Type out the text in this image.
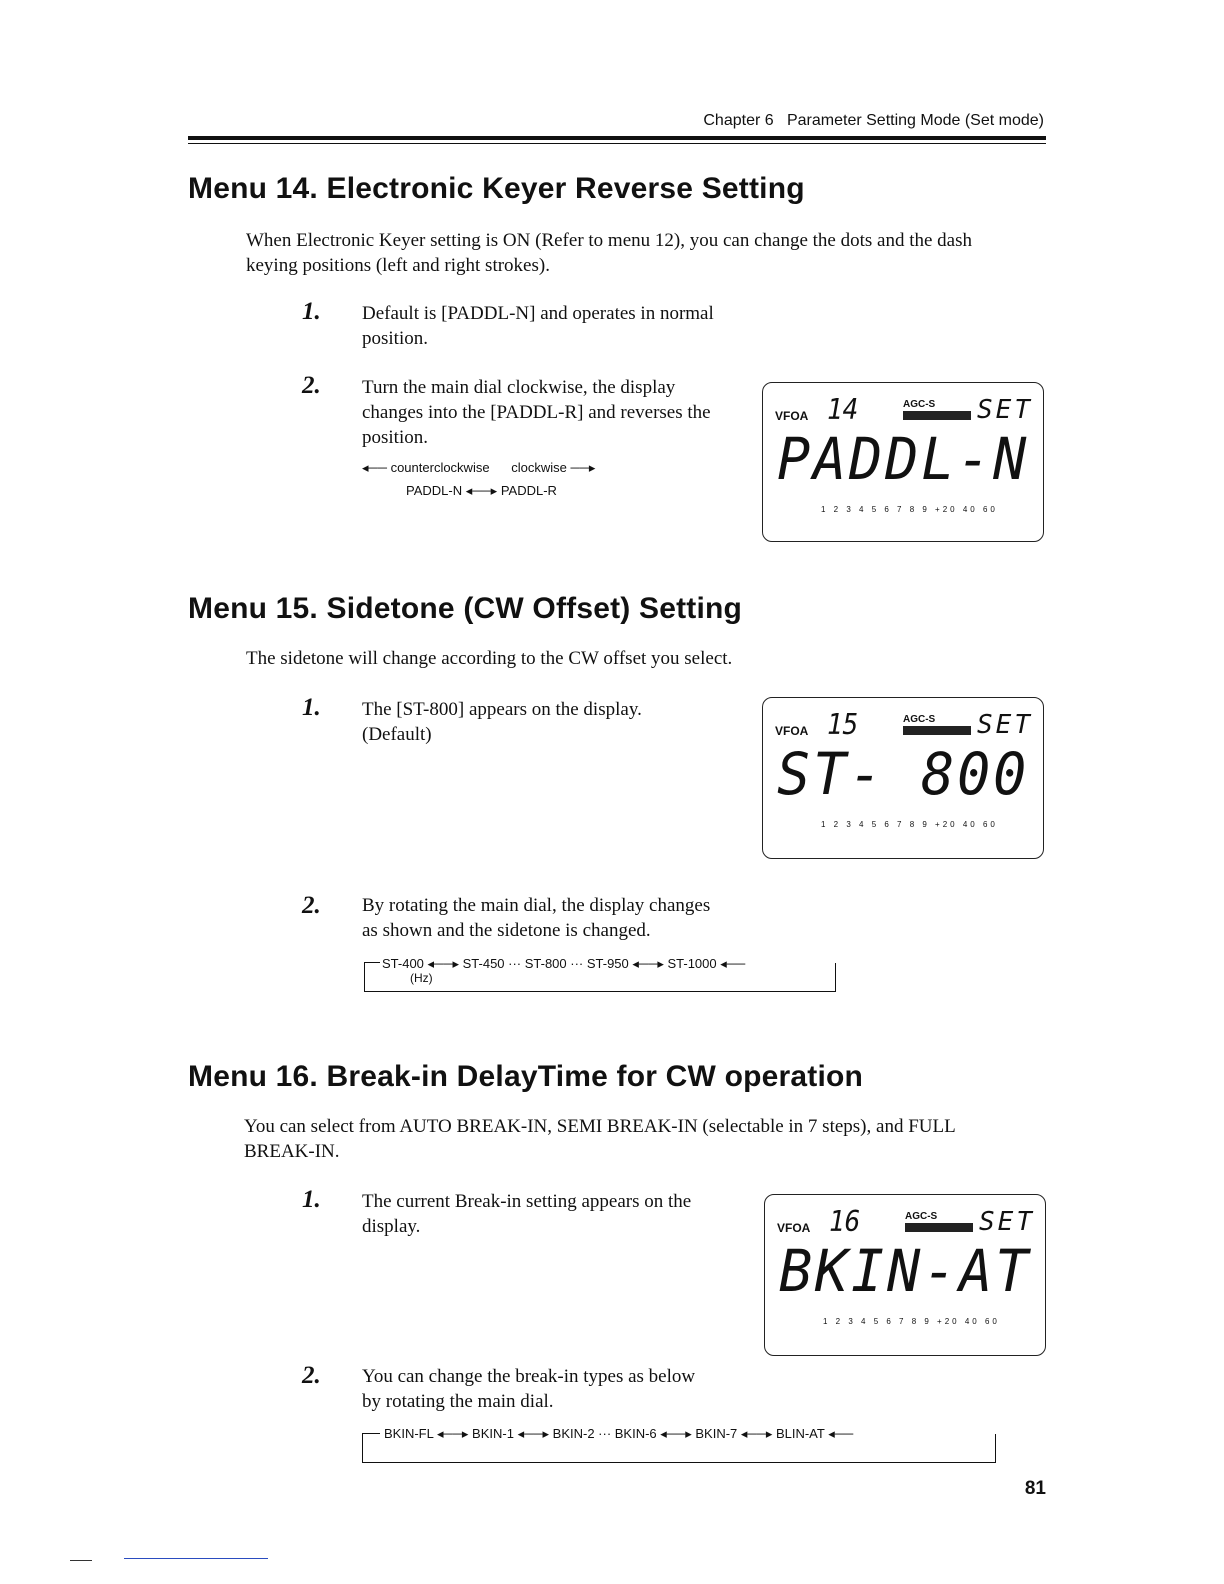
Chapter 6 Parameter Setting Mode (Set mode)
Menu 14. Electronic Keyer Reverse Setting
When Electronic Keyer setting is ON (Refer to menu 12), you can change the dots and the dash
keying positions (left and right strokes).
1. Default is [PADDL-N] and operates in normal
position.
2. Turn the main dial clockwise, the display
changes into the [PADDL-R] and reverses the
position.
◂── counterclockwise clockwise ──▸
PADDL-N ◂──▸ PADDL-R
VFOA 14	AGC-S SET
PADDL-N
1 2 3 4 5 6 7 8 9 +20 40 60
Menu 15. Sidetone (CW Offset) Setting
The sidetone will change according to the CW offset you select.
1. The [ST-800] appears on the display.
(Default)	VFOA 15	AGC-S SET
ST- 800
1 2 3 4 5 6 7 8 9 +20 40 60
2. By rotating the main dial, the display changes
as shown and the sidetone is changed.
ST-400 ◂──▸ ST-450 ··· ST-800 ··· ST-950 ◂──▸ ST-1000 ◂──
(Hz)
Menu 16. Break-in DelayTime for CW operation
You can select from AUTO BREAK-IN, SEMI BREAK-IN (selectable in 7 steps), and FULL
BREAK-IN.
1. The current Break-in setting appears on the
display.	VFOA 16	AGC-S SET
BKIN-AT
1 2 3 4 5 6 7 8 9 +20 40 60
2. You can change the break-in types as below
by rotating the main dial.
BKIN-FL ◂──▸ BKIN-1 ◂──▸ BKIN-2 ··· BKIN-6 ◂──▸ BKIN-7 ◂──▸ BLIN-AT ◂──
81
